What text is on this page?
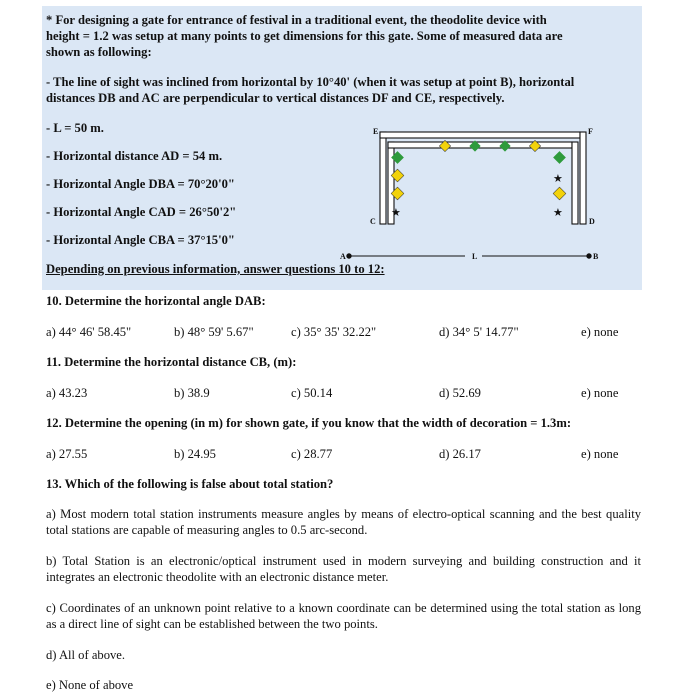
* For designing a gate for entrance of festival in a traditional event, the theodolite device with
height = 1.2 was setup at many points to get dimensions for this gate. Some of measured data are
shown as following:
- The line of sight was inclined from horizontal by 10°40' (when it was setup at point B), horizontal
distances DB and AC are perpendicular to vertical distances DF and CE, respectively.
- L = 50 m.
- Horizontal distance AD = 54 m.
- Horizontal Angle DBA = 70°20'0"
- Horizontal Angle CAD = 26°50'2"
- Horizontal Angle CBA = 37°15'0"
★
★
★
E	F
C	D
A	L	B
Depending on previous information, answer questions 10 to 12:
10. Determine the horizontal angle DAB:
a) 44° 46' 58.45"	b) 48° 59' 5.67"	c) 35° 35' 32.22"	d) 34° 5' 14.77"	e) none
11. Determine the horizontal distance CB, (m):
a) 43.23	b) 38.9	c) 50.14	d) 52.69	e) none
12. Determine the opening (in m) for shown gate, if you know that the width of decoration = 1.3m:
a) 27.55	b) 24.95	c) 28.77	d) 26.17	e) none
13. Which of the following is false about total station?
a) Most modern total station instruments measure angles by means of electro-optical scanning and the best quality total stations are capable of measuring angles to 0.5 arc-second.
b) Total Station is an electronic/optical instrument used in modern surveying and building construction and it integrates an electronic theodolite with an electronic distance meter.
c) Coordinates of an unknown point relative to a known coordinate can be determined using the total station as long as a direct line of sight can be established between the two points.
d) All of above.
e) None of above
